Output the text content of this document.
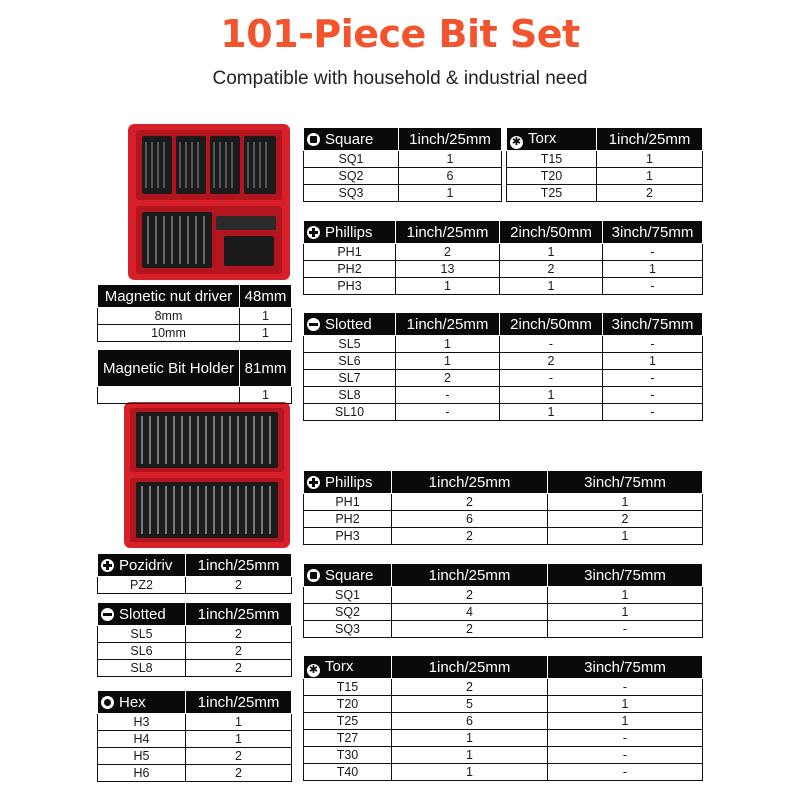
101-Piece Bit Set
Compatible with household & industrial need
Square	1inch/25mm
SQ1	1
SQ2	6
SQ3	1
✱ Torx	1inch/25mm
T15	1
T20	1
T25	2
Phillips	1inch/25mm	2inch/50mm	3inch/75mm
PH1	2	1	-
PH2	13	2	1
PH3	1	1	-
Slotted	1inch/25mm	2inch/50mm	3inch/75mm
SL5	1	-	-
SL6	1	2	1
SL7	2	-	-
SL8	-	1	-
SL10	-	1	-
Magnetic nut driver	48mm
8mm	1
10mm	1
Magnetic Bit Holder	81mm
	1
Phillips	1inch/25mm	3inch/75mm
PH1	2	1
PH2	6	2
PH3	2	1
Square	1inch/25mm	3inch/75mm
SQ1	2	1
SQ2	4	1
SQ3	2	-
✱ Torx	1inch/25mm	3inch/75mm
T15	2	-
T20	5	1
T25	6	1
T27	1	-
T30	1	-
T40	1	-
Pozidriv	1inch/25mm
PZ2	2
Slotted	1inch/25mm
SL5	2
SL6	2
SL8	2
Hex	1inch/25mm
H3	1
H4	1
H5	2
H6	2
